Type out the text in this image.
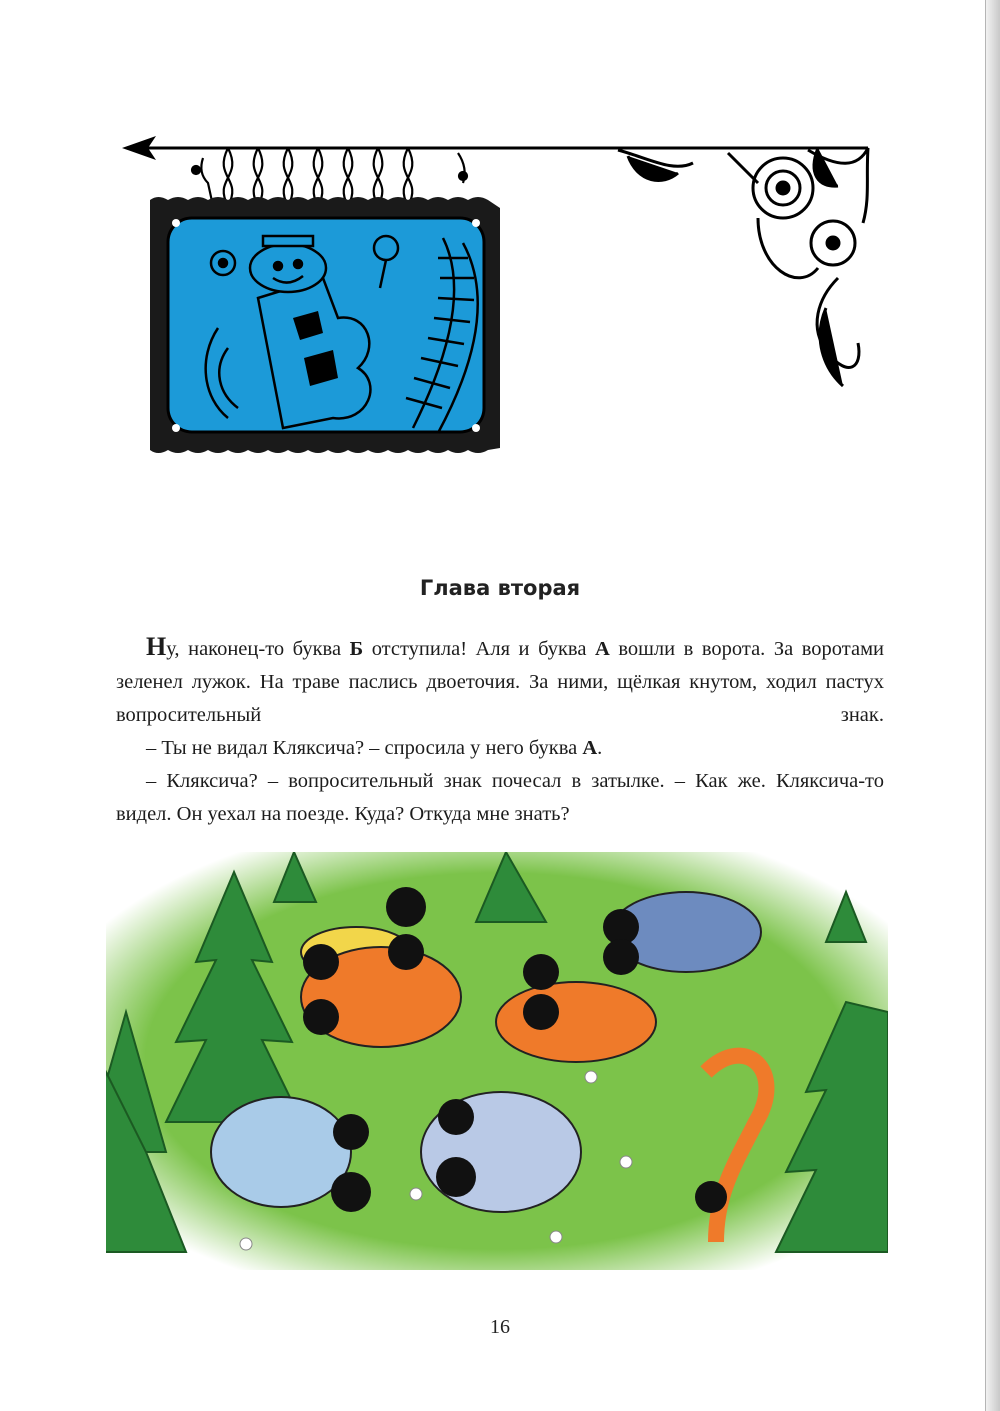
Глава вторая

Ну, наконец-то буква Б отступила! Аля и буква А вошли в ворота. За воротами зеленел лужок. На траве паслись двоеточия. За ними, щёлкая кнутом, ходил пастух вопросительный знак.

– Ты не видал Кляксича? – спросила у него буква А.

– Кляксича? – вопросительный знак почесал в затылке. – Как же. Кляксича-то видел. Он уехал на поезде. Куда? Откуда мне знать?

16
